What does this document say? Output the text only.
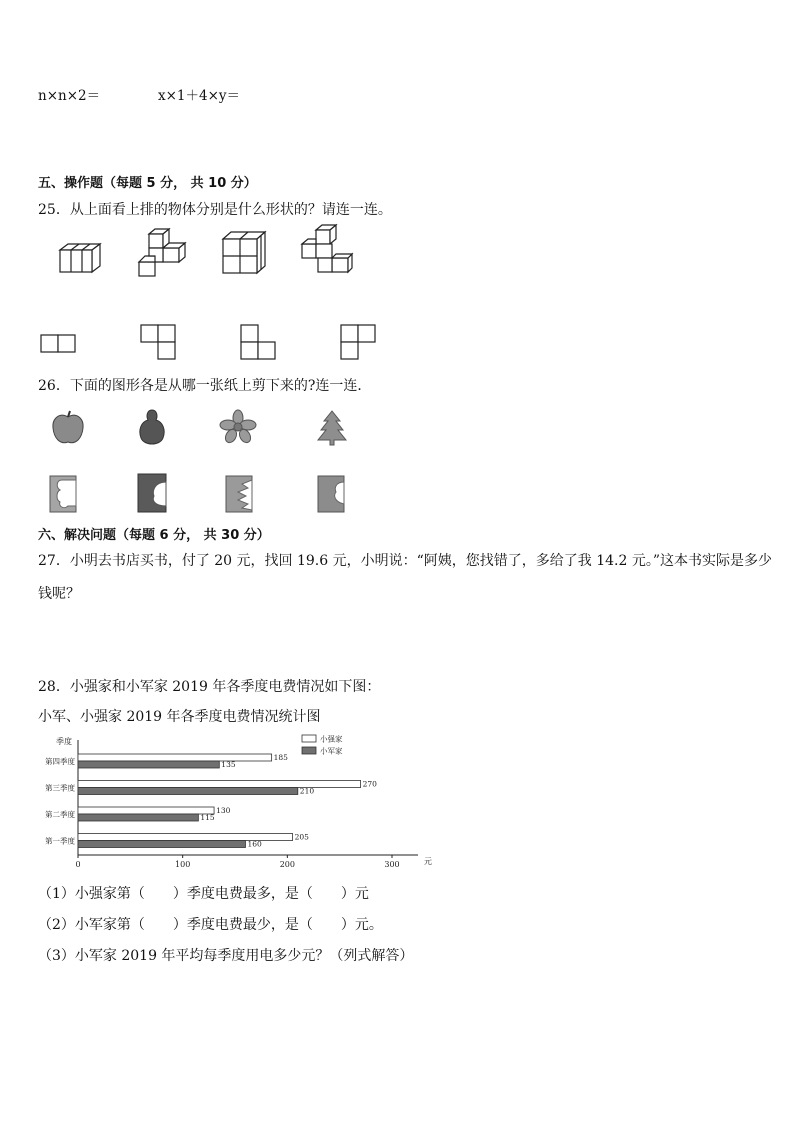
n×n×2＝	x×1＋4×y＝
五、操作题（每题 5 分， 共 10 分）
25．从上面看上排的物体分别是什么形状的？请连一连。
26．下面的图形各是从哪一张纸上剪下来的?连一连．
六、解决问题（每题 6 分， 共 30 分）
27．小明去书店买书，付了 20 元，找回 19.6 元，小明说：“阿姨，您找错了，多给了我 14.2 元。”这本书实际是多少
钱呢？
28．小强家和小军家 2019 年各季度电费情况如下图：
小军、小强家 2019 年各季度电费情况统计图
季度
元
0	100	200	300
第四季度	185
135
第三季度	270
210
第二季度	130
115
第一季度	205
160
小强家
小军家
（1）小强家第（　　）季度电费最多，是（　　）元
（2）小军家第（　　）季度电费最少，是（　　）元。
（3）小军家 2019 年平均每季度用电多少元？（列式解答）
